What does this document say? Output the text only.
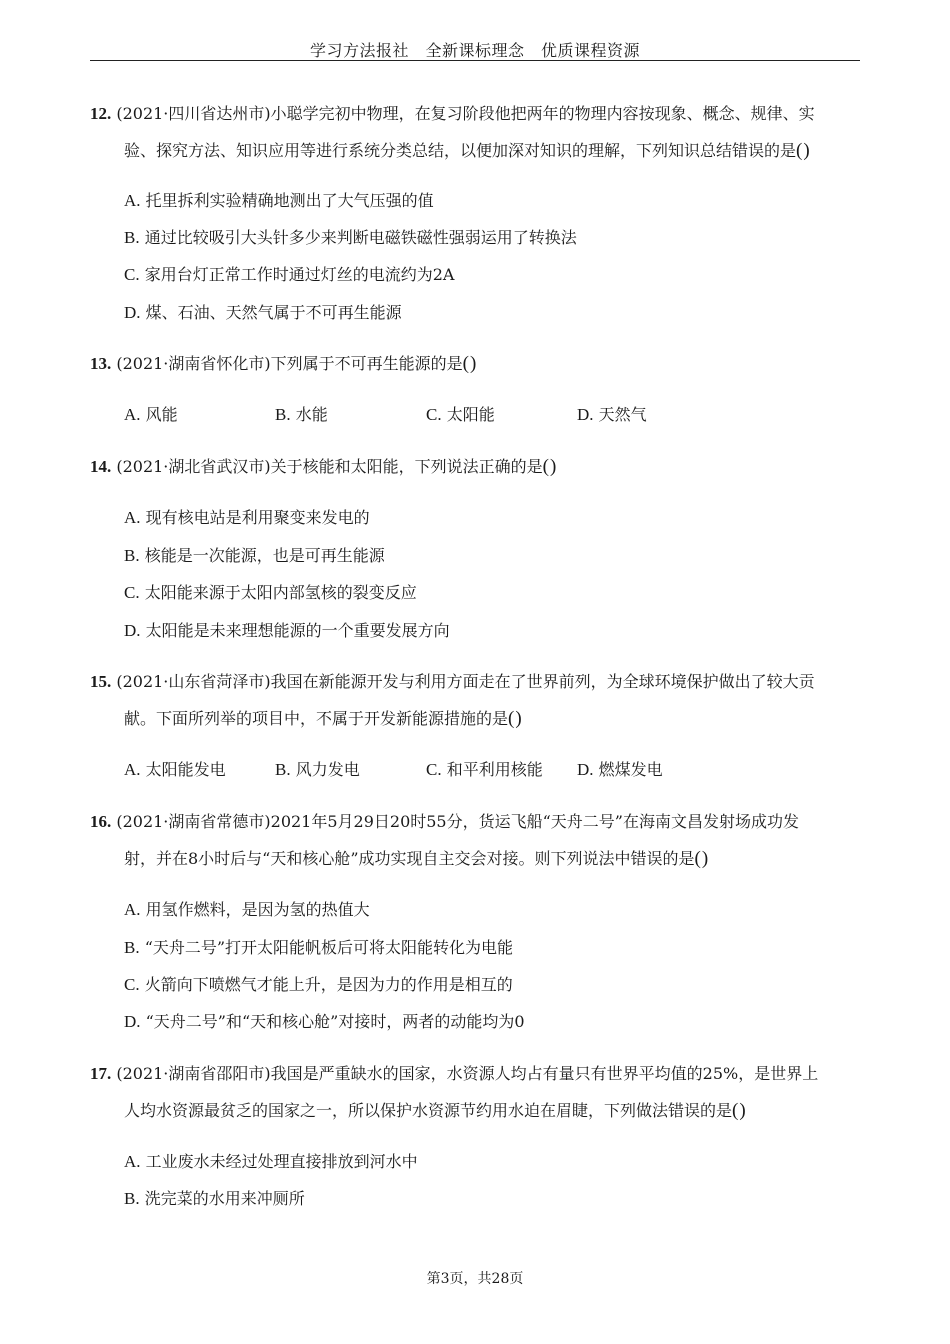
学习方法报社　全新课标理念　优质课程资源
12. (2021·四川省达州市)小聪学完初中物理，在复习阶段他把两年的物理内容按现象、概念、规律、实
验、探究方法、知识应用等进行系统分类总结，以便加深对知识的理解，下列知识总结错误的是()
A. 托里拆利实验精确地测出了大气压强的值
B. 通过比较吸引大头针多少来判断电磁铁磁性强弱运用了转换法
C. 家用台灯正常工作时通过灯丝的电流约为2A
D. 煤、石油、天然气属于不可再生能源
13. (2021·湖南省怀化市)下列属于不可再生能源的是()
A. 风能	B. 水能	C. 太阳能	D. 天然气
14. (2021·湖北省武汉市)关于核能和太阳能，下列说法正确的是()
A. 现有核电站是利用聚变来发电的
B. 核能是一次能源，也是可再生能源
C. 太阳能来源于太阳内部氢核的裂变反应
D. 太阳能是未来理想能源的一个重要发展方向
15. (2021·山东省菏泽市)我国在新能源开发与利用方面走在了世界前列，为全球环境保护做出了较大贡
献。下面所列举的项目中，不属于开发新能源措施的是()
A. 太阳能发电	B. 风力发电	C. 和平利用核能 D. 燃煤发电
16. (2021·湖南省常德市)2021年5月29日20时55分，货运飞船“天舟二号”在海南文昌发射场成功发
射，并在8小时后与“天和核心舱”成功实现自主交会对接。则下列说法中错误的是()
A. 用氢作燃料，是因为氢的热值大
B. “天舟二号”打开太阳能帆板后可将太阳能转化为电能
C. 火箭向下喷燃气才能上升，是因为力的作用是相互的
D. “天舟二号”和“天和核心舱”对接时，两者的动能均为0
17. (2021·湖南省邵阳市)我国是严重缺水的国家，水资源人均占有量只有世界平均值的25%，是世界上
人均水资源最贫乏的国家之一，所以保护水资源节约用水迫在眉睫，下列做法错误的是()
A. 工业废水未经过处理直接排放到河水中
B. 洗完菜的水用来冲厕所
第3页，共28页
